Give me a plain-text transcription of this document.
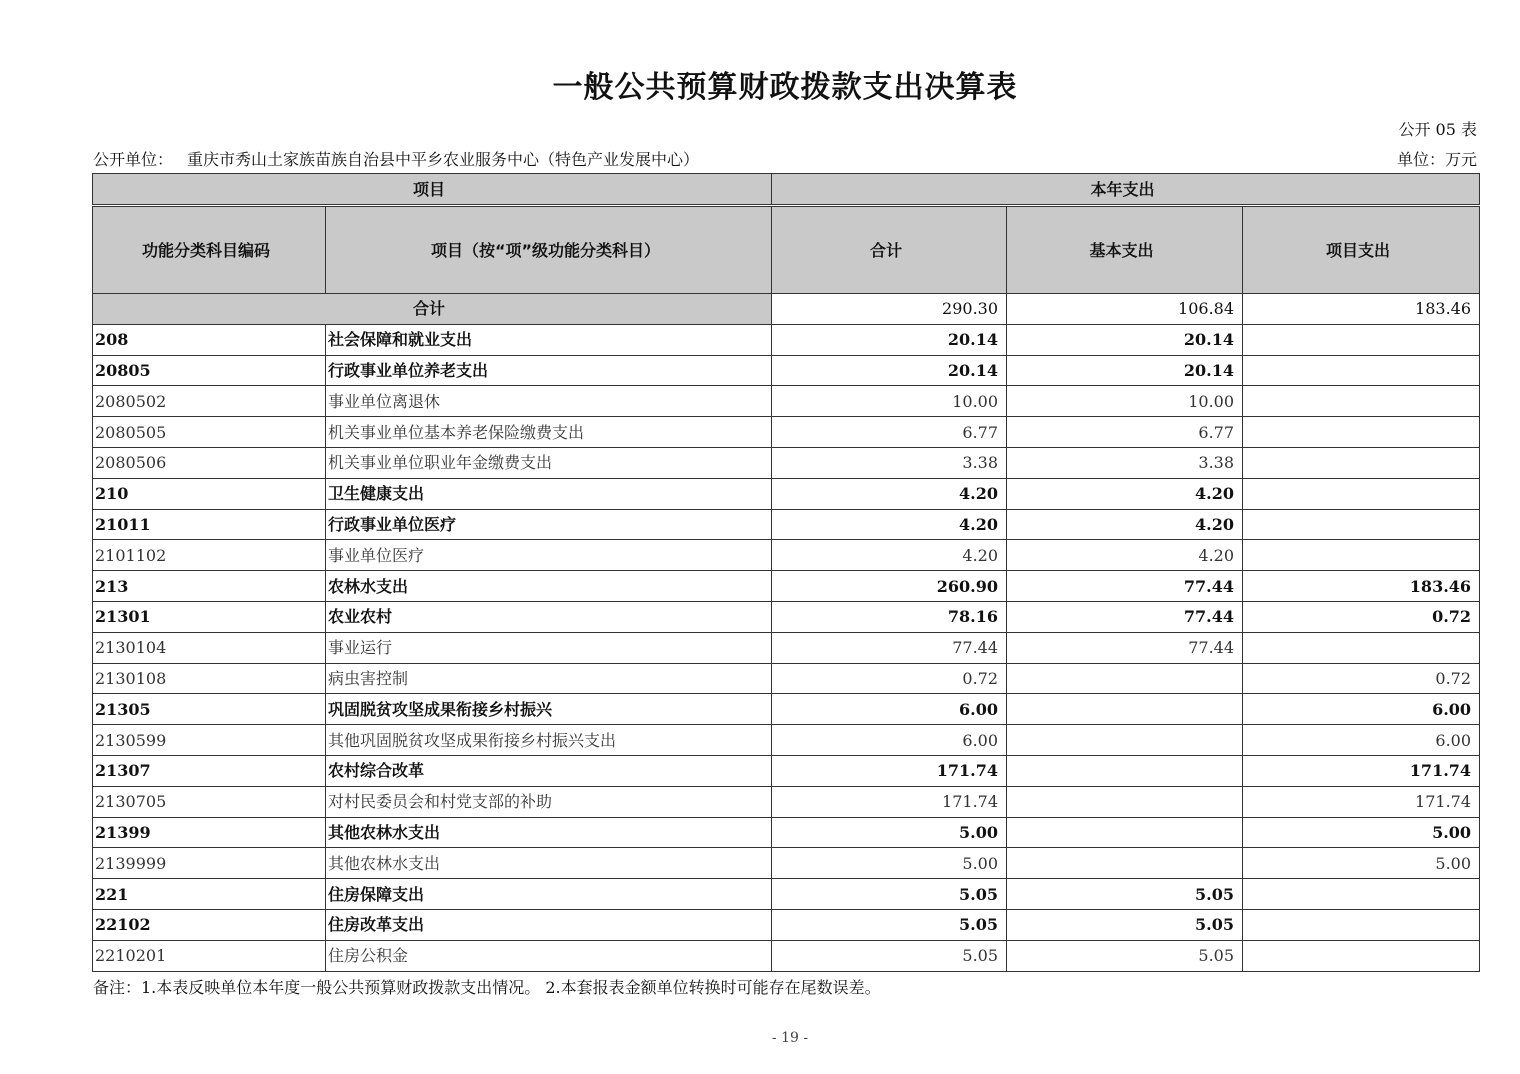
一般公共预算财政拨款支出决算表
公开 05 表
公开单位： 重庆市秀山土家族苗族自治县中平乡农业服务中心（特色产业发展中心）	单位：万元
项目		本年支出		
功能分类科目编码	项目（按“项”级功能分类科目）	合计	基本支出	项目支出
合计		290.30	106.84	183.46
208	社会保障和就业支出	20.14	20.14	
20805	行政事业单位养老支出	20.14	20.14	
2080502	事业单位离退休	10.00	10.00	
2080505	机关事业单位基本养老保险缴费支出	6.77	6.77	
2080506	机关事业单位职业年金缴费支出	3.38	3.38	
210	卫生健康支出	4.20	4.20	
21011	行政事业单位医疗	4.20	4.20	
2101102	事业单位医疗	4.20	4.20	
213	农林水支出	260.90	77.44	183.46
21301	农业农村	78.16	77.44	0.72
2130104	事业运行	77.44	77.44	
2130108	病虫害控制	0.72		0.72
21305	巩固脱贫攻坚成果衔接乡村振兴	6.00		6.00
2130599	其他巩固脱贫攻坚成果衔接乡村振兴支出	6.00		6.00
21307	农村综合改革	171.74		171.74
2130705	对村民委员会和村党支部的补助	171.74		171.74
21399	其他农林水支出	5.00		5.00
2139999	其他农林水支出	5.00		5.00
221	住房保障支出	5.05	5.05	
22102	住房改革支出	5.05	5.05	
2210201	住房公积金	5.05	5.05	
备注：1.本表反映单位本年度一般公共预算财政拨款支出情况。 2.本套报表金额单位转换时可能存在尾数误差。
- 19 -
